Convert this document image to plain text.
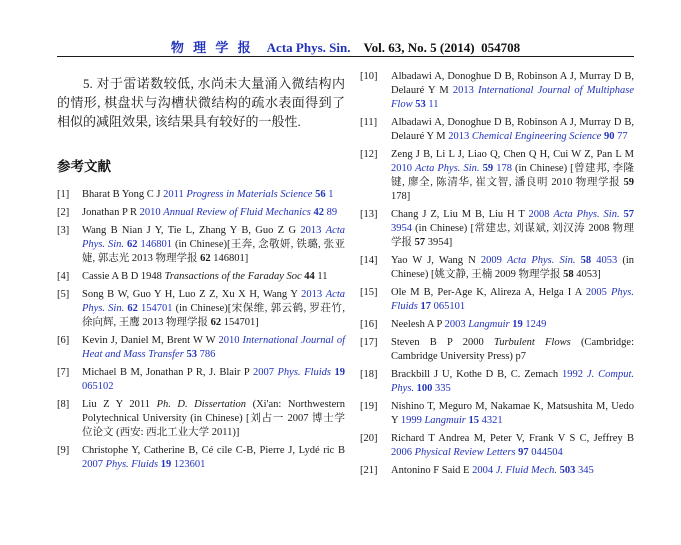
物 理 学 报 Acta Phys. Sin. Vol. 63, No. 5 (2014)  054708

5. 对于雷诺数较低, 水尚未大量涌入微结构内的情形, 棋盘状与沟槽状微结构的疏水表面得到了相似的减阻效果, 该结果具有较好的一般性.

参考文献
[1]	Bharat B Yong C J 2011 Progress in Materials Science 56 1
[2]	Jonathan P R 2010 Annual Review of Fluid Mechanics 42 89
[3]	Wang B Nian J Y, Tie L, Zhang Y B, Guo Z G 2013 Acta Phys. Sin. 62 146801 (in Chinese)[王奔, 念敬妍, 铁璐, 张亚婕, 郭志光 2013 物理学报 62 146801]
[4]	Cassie A B D 1948 Transactions of the Faraday Soc 44 11
[5]	Song B W, Guo Y H, Luo Z Z, Xu X H, Wang Y 2013 Acta Phys. Sin. 62 154701 (in Chinese)[宋保维, 郭云鹤, 罗荘竹, 徐向辉, 王鹰 2013 物理学报 62 154701]
[6]	Kevin J, Daniel M, Brent W W 2010 International Journal of Heat and Mass Transfer 53 786
[7]	Michael B M, Jonathan P R, J. Blair P 2007 Phys. Fluids 19 065102
[8]	Liu Z Y 2011 Ph. D. Dissertation (Xi'an: Northwestern Polytechnical University (in Chinese) [刘占一 2007 博士学位论文 (西安: 西北工业大学 2011)]
[9]	Christophe Y, Catherine B, Cé cile C-B, Pierre J, Lydé ric B 2007 Phys. Fluids 19 123601
[10]	Albadawi A, Donoghue D B, Robinson A J, Murray D B, Delauré Y M 2013 International Journal of Multiphase Flow 53 11
[11]	Albadawi A, Donoghue D B, Robinson A J, Murray D B, Delauré Y M 2013 Chemical Engineering Science 90 77
[12]	Zeng J B, Li L J, Liao Q, Chen Q H, Cui W Z, Pan L M 2010 Acta Phys. Sin. 59 178 (in Chinese) [曾建邦, 李隆键, 廖全, 陈清华, 崔文智, 潘良明 2010 物理学报 59 178]
[13]	Chang J Z, Liu M B, Liu H T 2008 Acta Phys. Sin. 57 3954 (in Chinese) [常建忠, 刘谋斌, 刘汉涛 2008 物理学报 57 3954]
[14]	Yao W J, Wang N 2009 Acta Phys. Sin. 58 4053 (in Chinese) [姚文静, 王楠 2009 物理学报 58 4053]
[15]	Ole M B, Per-Age K, Alireza A, Helga I A 2005 Phys. Fluids 17 065101
[16]	Neelesh A P 2003 Langmuir 19 1249
[17]	Steven B P 2000 Turbulent Flows (Cambridge: Cambridge University Press) p7
[18]	Brackbill J U, Kothe D B, C. Zemach 1992 J. Comput. Phys. 100 335
[19]	Nishino T, Meguro M, Nakamae K, Matsushita M, Uedo Y 1999 Langmuir 15 4321
[20]	Richard T Andrea M, Peter V, Frank V S C, Jeffrey B 2006 Physical Review Letters 97 044504
[21]	Antonino F Said E 2004 J. Fluid Mech. 503 345
